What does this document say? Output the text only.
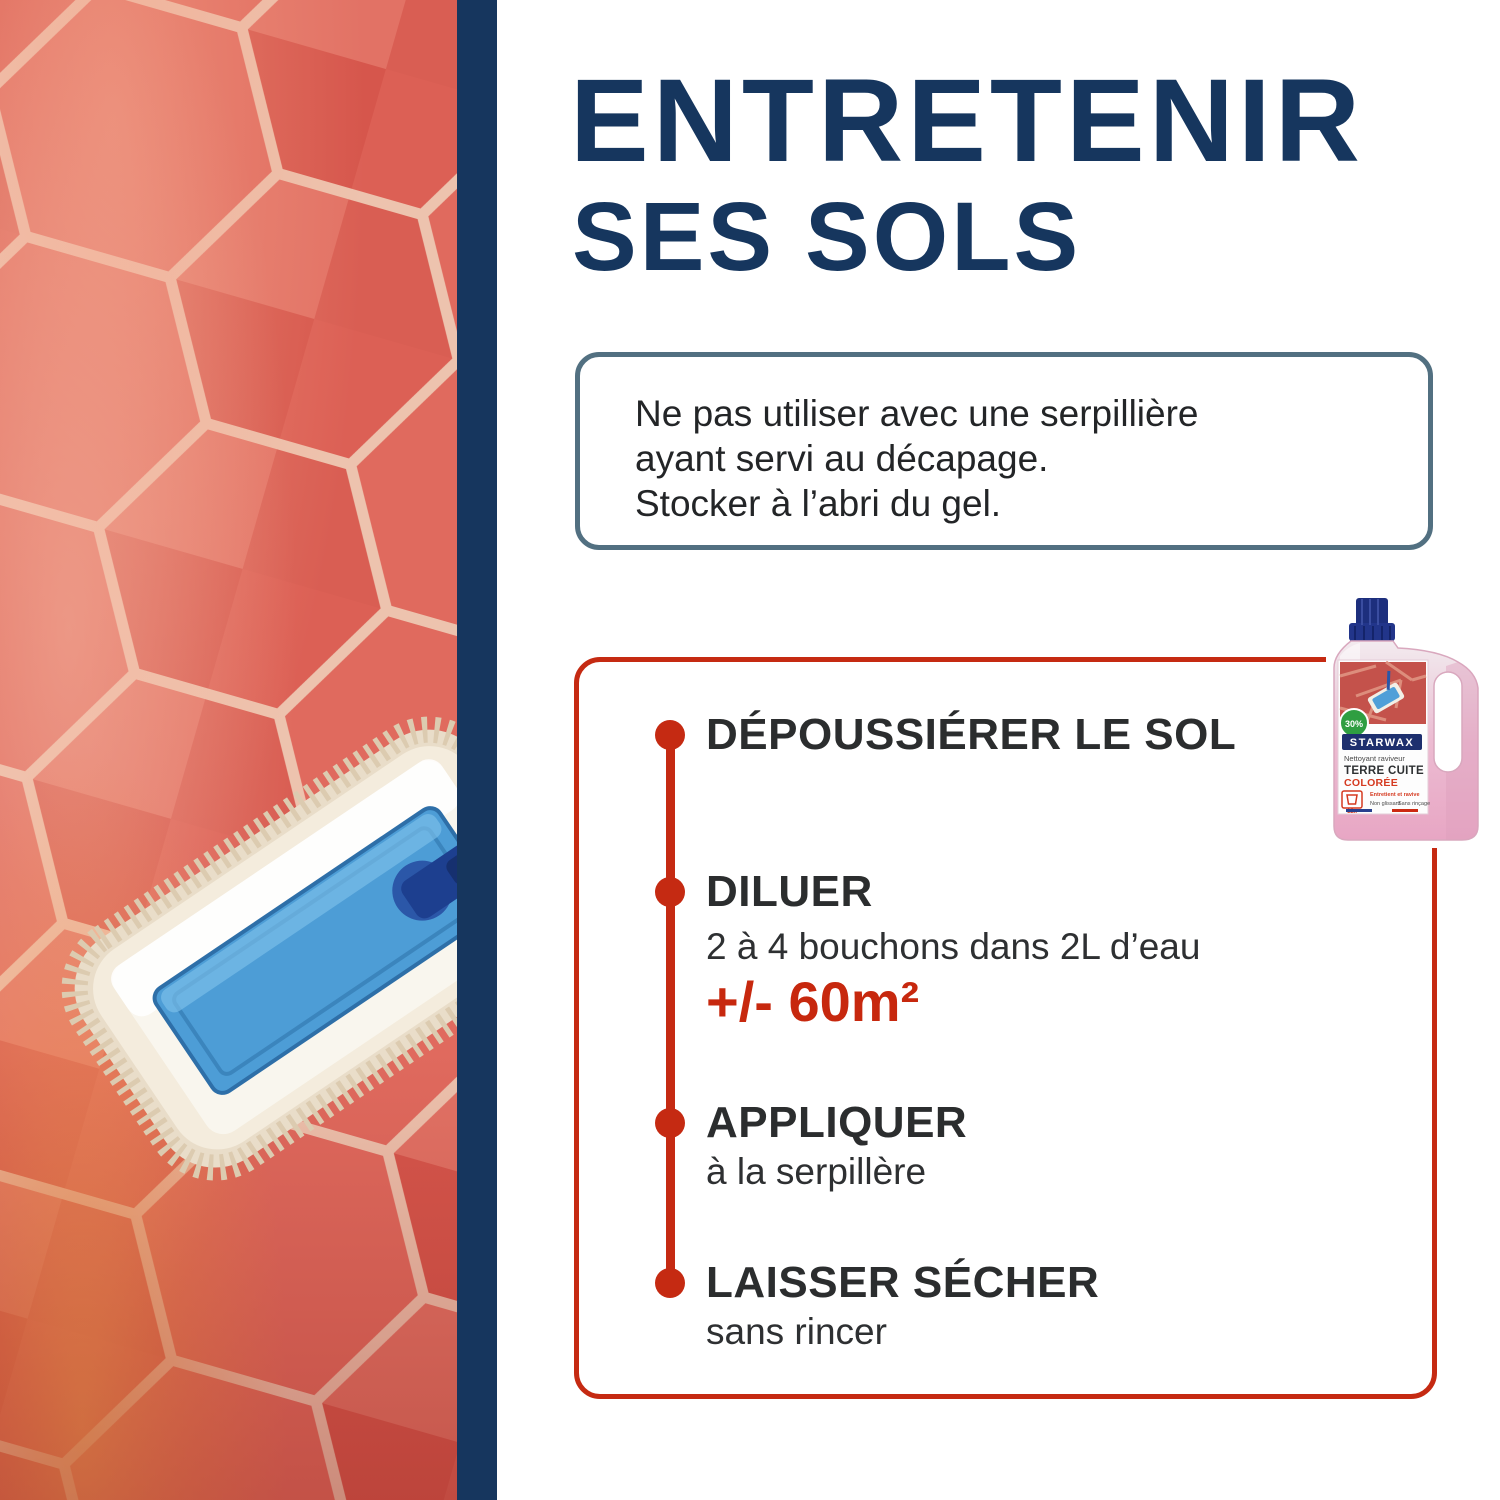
ENTRETENIR
SES SOLS
Ne pas utiliser avec une serpillière
ayant servi au décapage.
Stocker à l’abri du gel.
DÉPOUSSIÉRER LE SOL
DILUER
2 à 4 bouchons dans 2L d’eau
+/- 60m²
APPLIQUER
à la serpillère
LAISSER SÉCHER
sans rincer
30%
STARWAX
Nettoyant raviveur
TERRE CUITE
COLORÉE
Entretient et ravive
Non glissant
Sans rinçage
